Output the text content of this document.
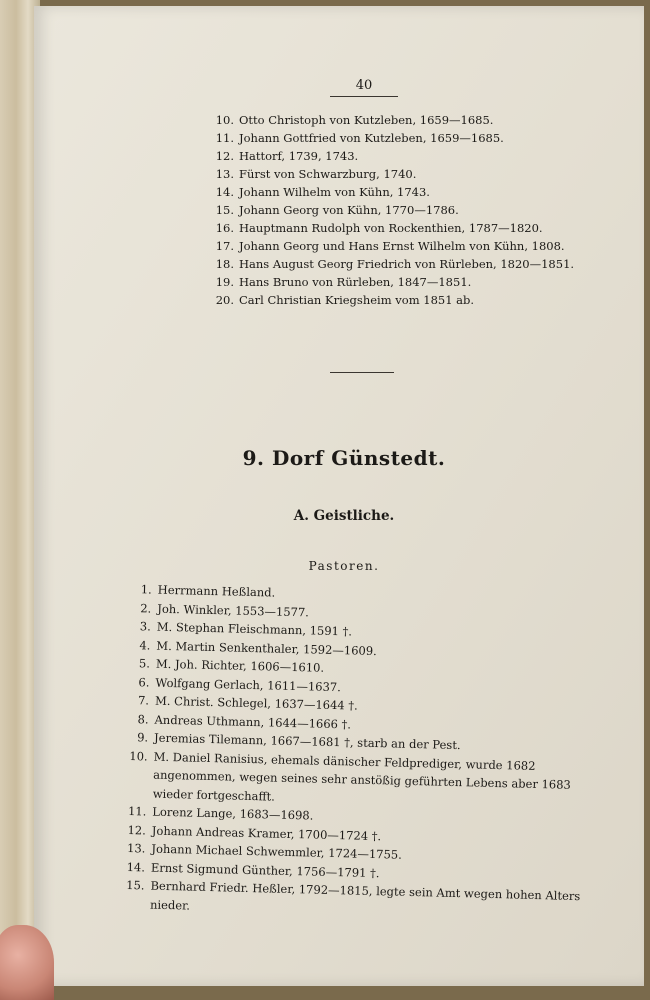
40
10. Otto Christoph von Kutzleben, 1659—1685.
11. Johann Gottfried von Kutzleben, 1659—1685.
12. Hattorf, 1739, 1743.
13. Fürst von Schwarzburg, 1740.
14. Johann Wilhelm von Kühn, 1743.
15. Johann Georg von Kühn, 1770—1786.
16. Hauptmann Rudolph von Rockenthien, 1787—1820.
17. Johann Georg und Hans Ernst Wilhelm von Kühn, 1808.
18. Hans August Georg Friedrich von Rürleben, 1820—1851.
19. Hans Bruno von Rürleben, 1847—1851.
20. Carl Christian Kriegsheim vom 1851 ab.
9. Dorf Günstedt.
A. Geistliche.
Pastoren.
1. Herrmann Heßland.
2. Joh. Winkler, 1553—1577.
3. M. Stephan Fleischmann, 1591 †.
4. M. Martin Senkenthaler, 1592—1609.
5. M. Joh. Richter, 1606—1610.
6. Wolfgang Gerlach, 1611—1637.
7. M. Christ. Schlegel, 1637—1644 †.
8. Andreas Uthmann, 1644—1666 †.
9. Jeremias Tilemann, 1667—1681 †, starb an der Pest.
10. M. Daniel Ranisius, ehemals dänischer Feldprediger, wurde 1682 angenommen, wegen seines sehr anstößig geführten Lebens aber 1683 wieder fortgeschafft.
11. Lorenz Lange, 1683—1698.
12. Johann Andreas Kramer, 1700—1724 †.
13. Johann Michael Schwemmler, 1724—1755.
14. Ernst Sigmund Günther, 1756—1791 †.
15. Bernhard Friedr. Heßler, 1792—1815, legte sein Amt wegen hohen Alters nieder.
